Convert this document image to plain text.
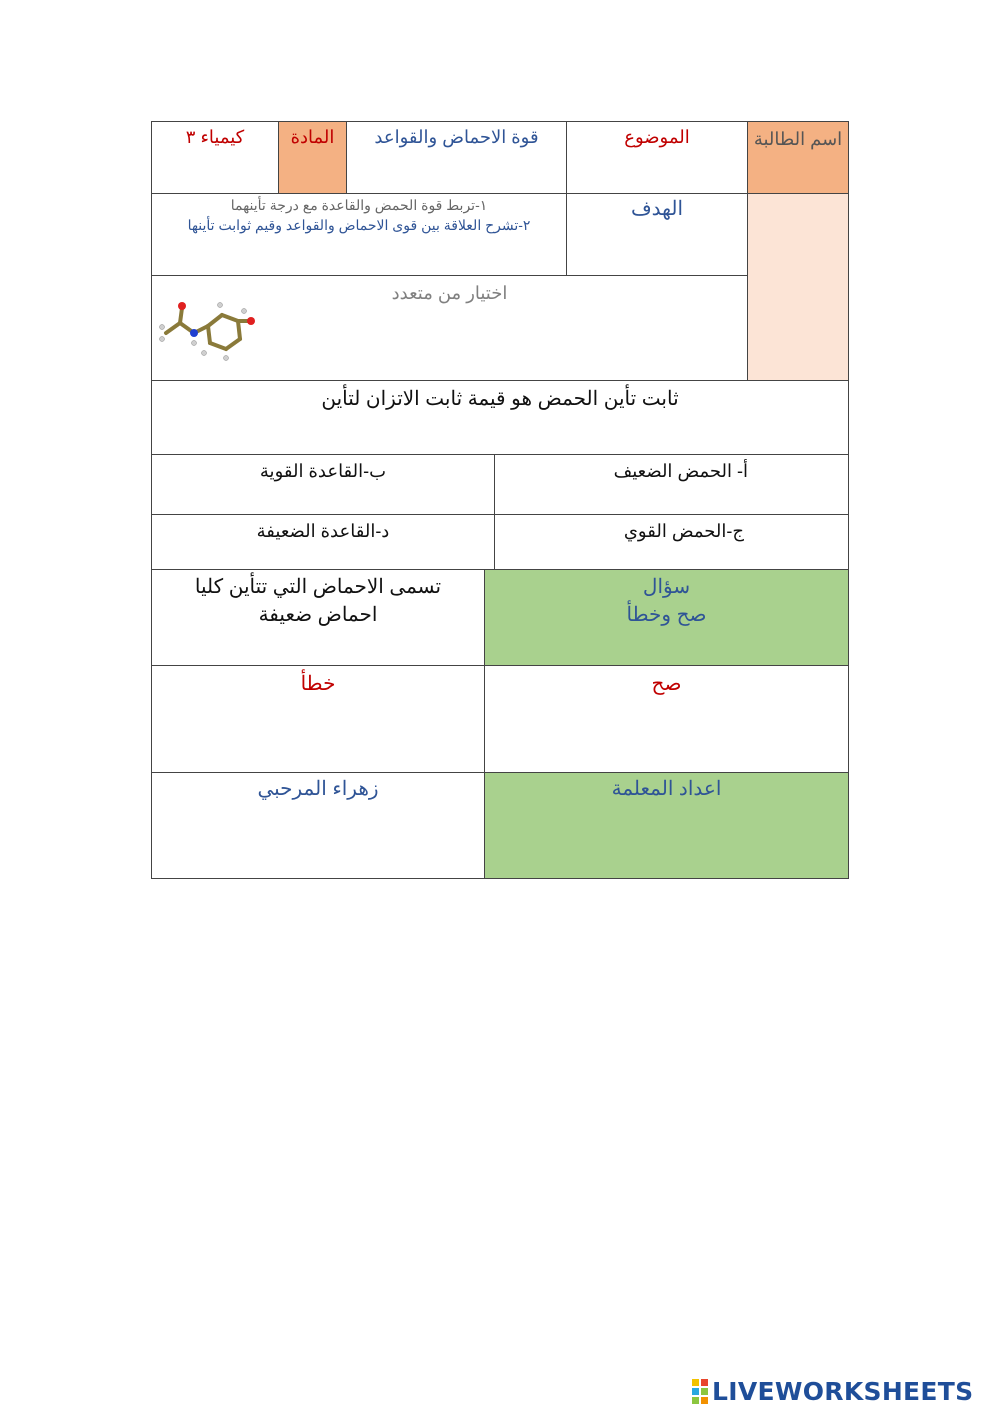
اسم الطالبة
الموضوع
قوة الاحماض والقواعد
المادة
كيمياء ٣
الهدف
١-تربط قوة الحمض والقاعدة مع درجة تأينهما
٢-تشرح العلاقة بين قوى الاحماض والقواعد وقيم ثوابت تأينها
اختيار من متعدد
ثابت تأين الحمض هو قيمة ثابت الاتزان لتأين
أ- الحمض الضعيف
ب-القاعدة القوية
ج-الحمض القوي
د-القاعدة الضعيفة
سؤال
صح وخطأ
تسمى الاحماض التي تتأين كليا
احماض ضعيفة
صح
خطأ
اعداد المعلمة
زهراء المرحبي
LIVEWORKSHEETS
